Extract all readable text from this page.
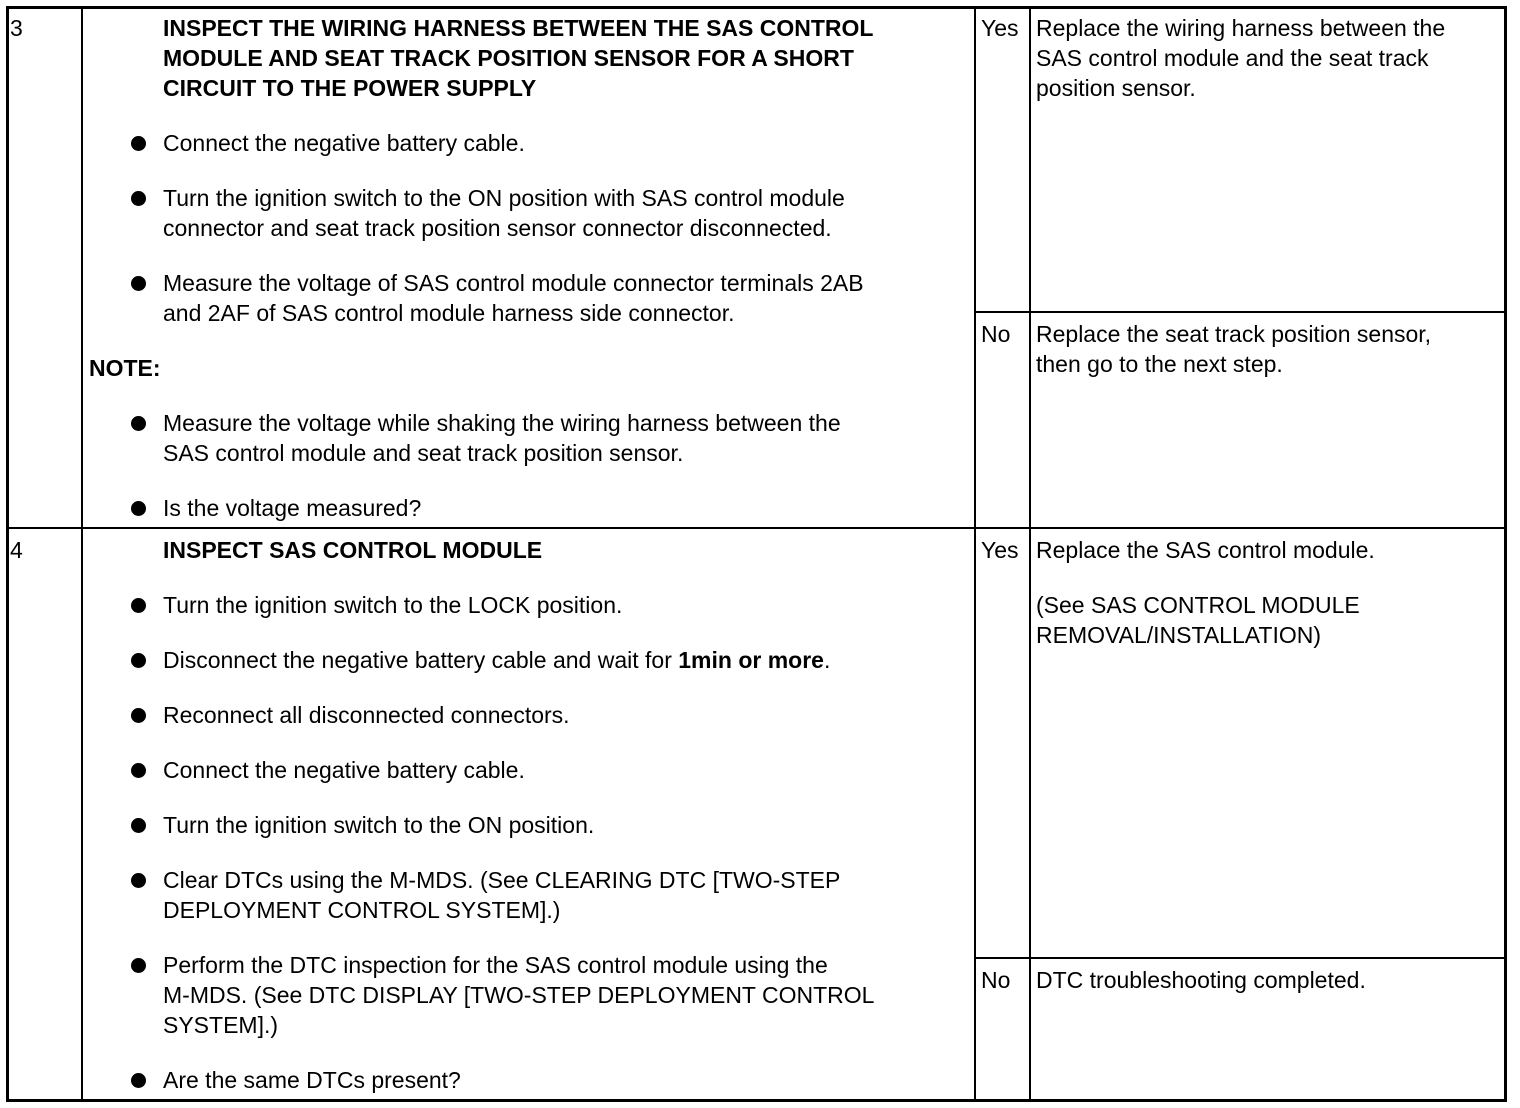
3	INSPECT THE WIRING HARNESS BETWEEN THE SAS CONTROL
MODULE AND SEAT TRACK POSITION SENSOR FOR A SHORT
CIRCUIT TO THE POWER SUPPLY
Connect the negative battery cable.
Turn the ignition switch to the ON position with SAS control module
connector and seat track position sensor connector disconnected.
Measure the voltage of SAS control module connector terminals 2AB
and 2AF of SAS control module harness side connector.
NOTE:
Measure the voltage while shaking the wiring harness between the
SAS control module and seat track position sensor.
Is the voltage measured?
Yes Replace the wiring harness between the
SAS control module and the seat track
position sensor.
No Replace the seat track position sensor,
then go to the next step.
4	INSPECT SAS CONTROL MODULE
Turn the ignition switch to the LOCK position.
Disconnect the negative battery cable and wait for 1min or more.
Reconnect all disconnected connectors.
Connect the negative battery cable.
Turn the ignition switch to the ON position.
Clear DTCs using the M-MDS. (See CLEARING DTC [TWO-STEP
DEPLOYMENT CONTROL SYSTEM].)
Perform the DTC inspection for the SAS control module using the
M-MDS. (See DTC DISPLAY [TWO-STEP DEPLOYMENT CONTROL
SYSTEM].)
Are the same DTCs present?
Yes Replace the SAS control module.
(See SAS CONTROL MODULE
REMOVAL/INSTALLATION)
No DTC troubleshooting completed.
